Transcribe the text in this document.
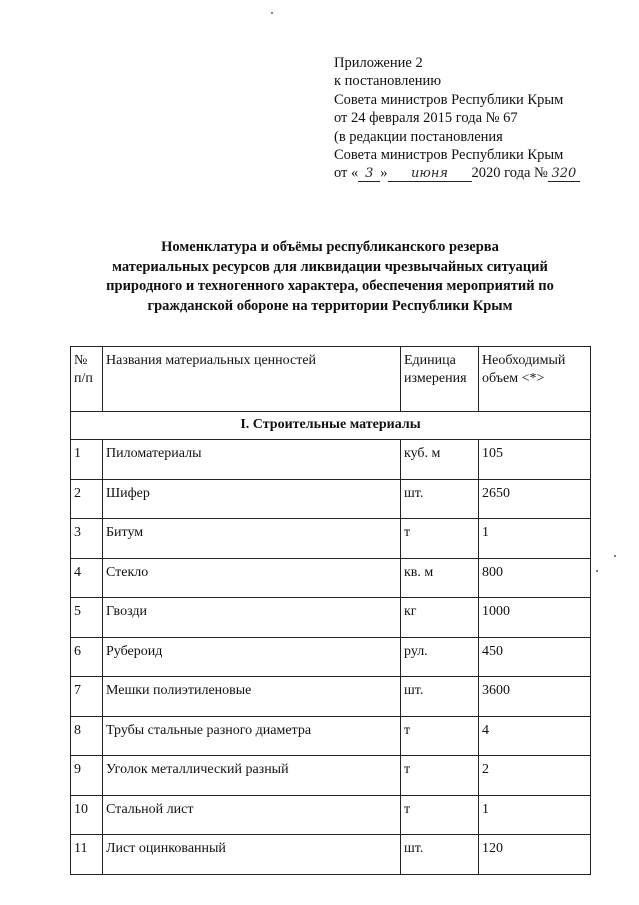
Приложение 2
к постановлению
Совета министров Республики Крым
от 24 февраля 2015 года № 67
(в редакции постановления
Совета министров Республики Крым
от « 3 » июня 2020 года № 320
Номенклатура и объёмы республиканского резерва
материальных ресурсов для ликвидации чрезвычайных ситуаций
природного и техногенного характера, обеспечения мероприятий по
гражданской обороне на территории Республики Крым
№ п/п	Названия материальных ценностей	Единица измерения	Необходимый объем <*>
I. Строительные материалы			
1	Пиломатериалы	куб. м	105
2	Шифер	шт.	2650
3	Битум	т	1
4	Стекло	кв. м	800
5	Гвозди	кг	1000
6	Рубероид	рул.	450
7	Мешки полиэтиленовые	шт.	3600
8	Трубы стальные разного диаметра	т	4
9	Уголок металлический разный	т	2
10	Стальной лист	т	1
11	Лист оцинкованный	шт.	120
